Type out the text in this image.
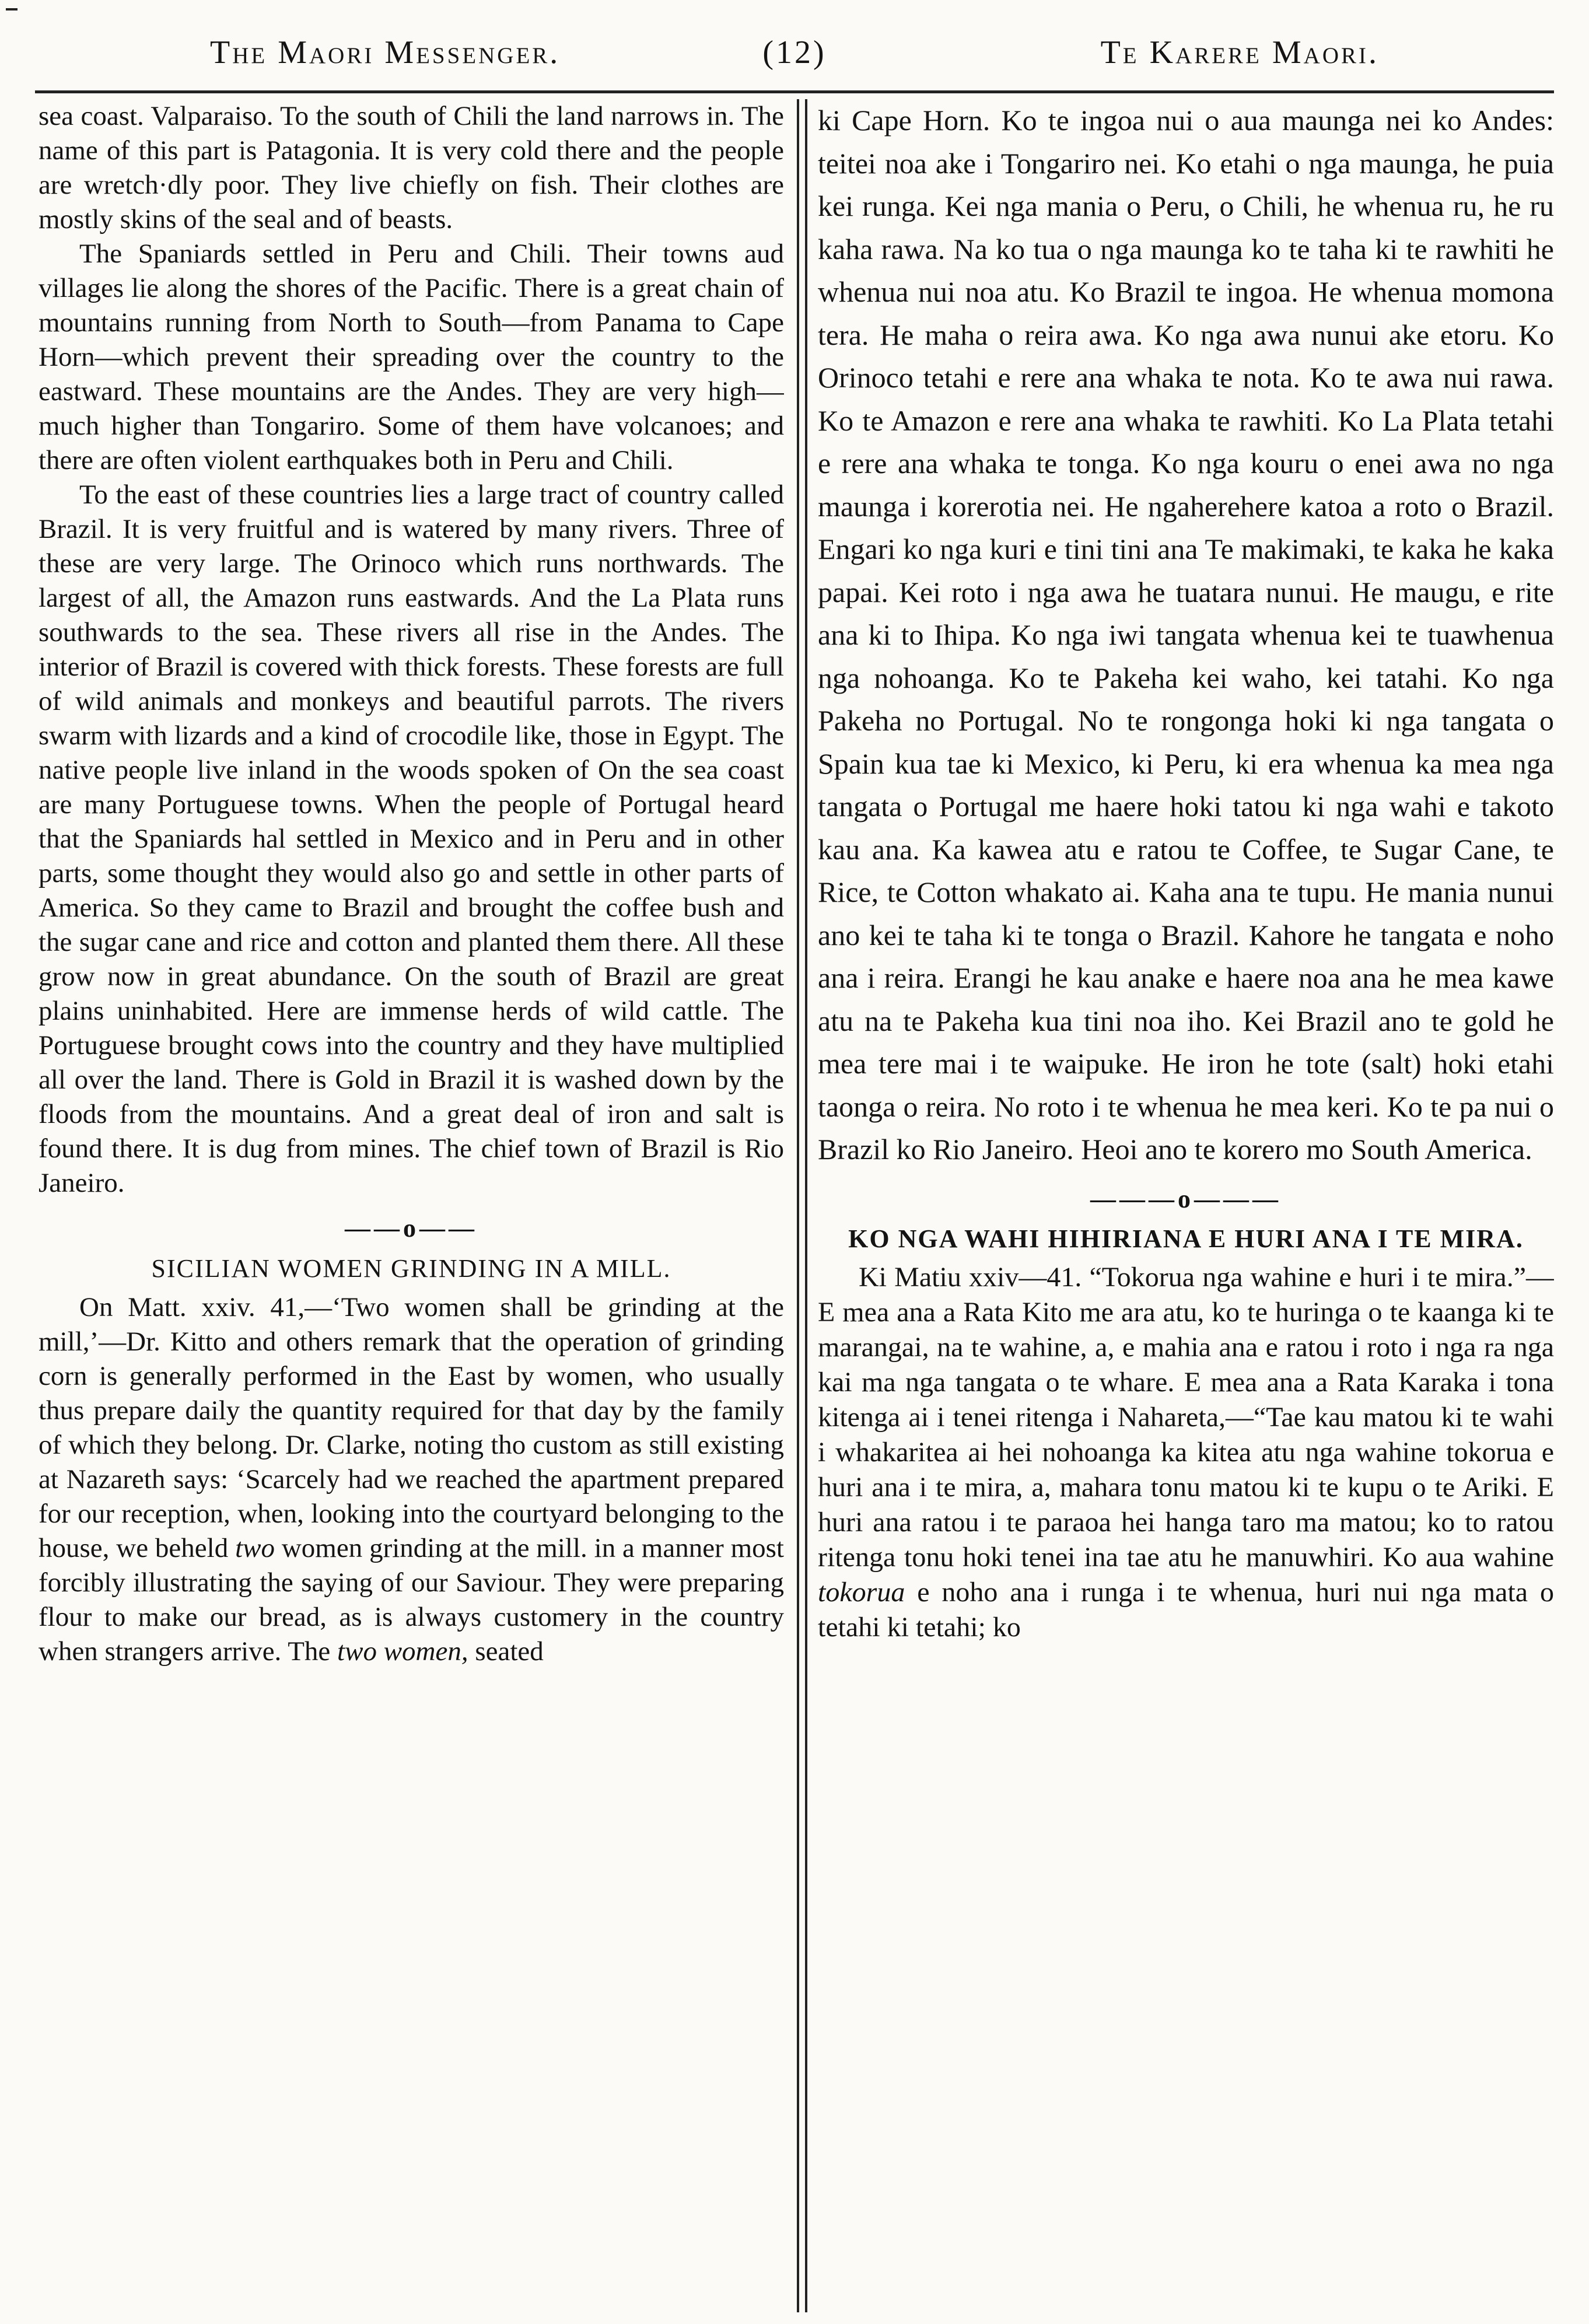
The Maori Messenger.	(12)	Te Karere Maori.

sea coast. Valparaiso. To the south of Chili the land narrows in. The name of this part is Patagonia. It is very cold there and the people are wretch·dly poor. They live chiefly on fish. Their clothes are mostly skins of the seal and of beasts.

The Spaniards settled in Peru and Chili. Their towns aud villages lie along the shores of the Pacific. There is a great chain of mountains running from North to South—from Panama to Cape Horn—which prevent their spreading over the country to the eastward. These mountains are the Andes. They are very high—much higher than Tongariro. Some of them have volcanoes; and there are often violent earthquakes both in Peru and Chili.

To the east of these countries lies a large tract of country called Brazil. It is very fruitful and is watered by many rivers. Three of these are very large. The Orinoco which runs northwards. The largest of all, the Amazon runs eastwards. And the La Plata runs southwards to the sea. These rivers all rise in the Andes. The interior of Brazil is covered with thick forests. These forests are full of wild animals and monkeys and beautiful parrots. The rivers swarm with lizards and a kind of crocodile like, those in Egypt. The native people live inland in the woods spoken of On the sea coast are many Portuguese towns. When the people of Portugal heard that the Spaniards hal settled in Mexico and in Peru and in other parts, some thought they would also go and settle in other parts of America. So they came to Brazil and brought the coffee bush and the sugar cane and rice and cotton and planted them there. All these grow now in great abundance. On the south of Brazil are great plains uninhabited. Here are immense herds of wild cattle. The Portuguese brought cows into the country and they have multiplied all over the land. There is Gold in Brazil it is washed down by the floods from the mountains. And a great deal of iron and salt is found there. It is dug from mines. The chief town of Brazil is Rio Janeiro.

——o——
SICILIAN WOMEN GRINDING IN A MILL.

On Matt. xxiv. 41,—‘Two women shall be grinding at the mill,’—Dr. Kitto and others remark that the operation of grinding corn is generally performed in the East by women, who usually thus prepare daily the quantity required for that day by the family of which they belong. Dr. Clarke, noting tho custom as still existing at Nazareth says: ‘Scarcely had we reached the apartment prepared for our reception, when, looking into the courtyard belonging to the house, we beheld two women grinding at the mill. in a manner most forcibly illustrating the saying of our Saviour. They were preparing flour to make our bread, as is always customery in the country when strangers arrive. The two women, seated

ki Cape Horn. Ko te ingoa nui o aua maunga nei ko Andes: teitei noa ake i Tongariro nei. Ko etahi o nga maunga, he puia kei runga. Kei nga mania o Peru, o Chili, he whenua ru, he ru kaha rawa. Na ko tua o nga maunga ko te taha ki te rawhiti he whenua nui noa atu. Ko Brazil te ingoa. He whenua momona tera. He maha o reira awa. Ko nga awa nunui ake etoru. Ko Orinoco tetahi e rere ana whaka te nota. Ko te awa nui rawa. Ko te Amazon e rere ana whaka te rawhiti. Ko La Plata tetahi e rere ana whaka te tonga. Ko nga kouru o enei awa no nga maunga i korerotia nei. He ngaherehere katoa a roto o Brazil. Engari ko nga kuri e tini tini ana Te makimaki, te kaka he kaka papai. Kei roto i nga awa he tuatara nunui. He maugu, e rite ana ki to Ihipa. Ko nga iwi tangata whenua kei te tuawhenua nga nohoanga. Ko te Pakeha kei waho, kei tatahi. Ko nga Pakeha no Portugal. No te rongonga hoki ki nga tangata o Spain kua tae ki Mexico, ki Peru, ki era whenua ka mea nga tangata o Portugal me haere hoki tatou ki nga wahi e takoto kau ana. Ka kawea atu e ratou te Coffee, te Sugar Cane, te Rice, te Cotton whakato ai. Kaha ana te tupu. He mania nunui ano kei te taha ki te tonga o Brazil. Kahore he tangata e noho ana i reira. Erangi he kau anake e haere noa ana he mea kawe atu na te Pakeha kua tini noa iho. Kei Brazil ano te gold he mea tere mai i te waipuke. He iron he tote (salt) hoki etahi taonga o reira. No roto i te whenua he mea keri. Ko te pa nui o Brazil ko Rio Janeiro. Heoi ano te korero mo South America.

———o———
KO NGA WAHI HIHIRIANA E HURI ANA I TE MIRA.

Ki Matiu xxiv—41. “Tokorua nga wahine e huri i te mira.”—E mea ana a Rata Kito me ara atu, ko te huringa o te kaanga ki te marangai, na te wahine, a, e mahia ana e ratou i roto i nga ra nga kai ma nga tangata o te whare. E mea ana a Rata Karaka i tona kitenga ai i tenei ritenga i Nahareta,—“Tae kau matou ki te wahi i whakaritea ai hei nohoanga ka kitea atu nga wahine tokorua e huri ana i te mira, a, mahara tonu matou ki te kupu o te Ariki. E huri ana ratou i te paraoa hei hanga taro ma matou; ko to ratou ritenga tonu hoki tenei ina tae atu he manuwhiri. Ko aua wahine tokorua e noho ana i runga i te whenua, huri nui nga mata o tetahi ki tetahi; ko
